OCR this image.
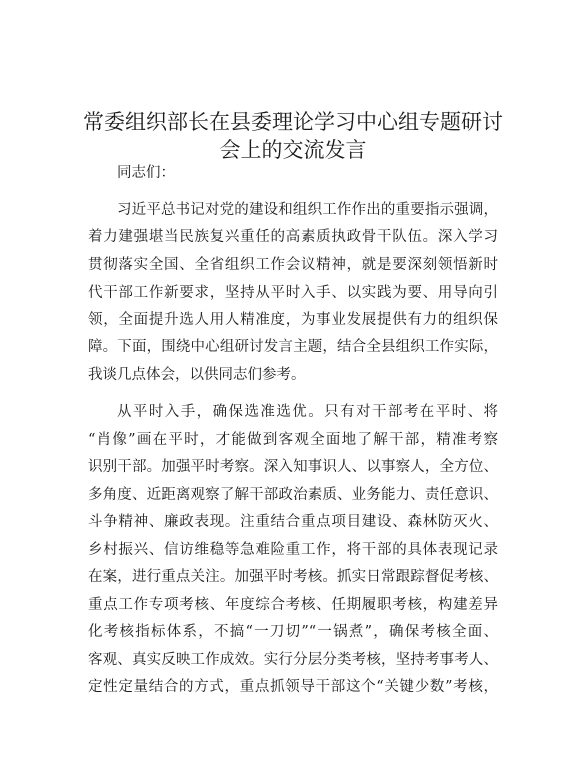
常委组织部长在县委理论学习中心组专题研讨
会上的交流发言
同志们：
习近平总书记对党的建设和组织工作作出的重要指示强调，
着力建强堪当民族复兴重任的高素质执政骨干队伍。深入学习
贯彻落实全国、全省组织工作会议精神，就是要深刻领悟新时
代干部工作新要求，坚持从平时入手、以实践为要、用导向引
领，全面提升选人用人精准度，为事业发展提供有力的组织保
障。下面，围绕中心组研讨发言主题，结合全县组织工作实际，
我谈几点体会，以供同志们参考。
从平时入手，确保选准选优。只有对干部考在平时、将
“肖像”画在平时，才能做到客观全面地了解干部，精准考察
识别干部。加强平时考察。深入知事识人、以事察人，全方位、
多角度、近距离观察了解干部政治素质、业务能力、责任意识、
斗争精神、廉政表现。注重结合重点项目建设、森林防灭火、
乡村振兴、信访维稳等急难险重工作，将干部的具体表现记录
在案，进行重点关注。加强平时考核。抓实日常跟踪督促考核、
重点工作专项考核、年度综合考核、任期履职考核，构建差异
化考核指标体系，不搞“一刀切”“一锅煮”，确保考核全面、
客观、真实反映工作成效。实行分层分类考核，坚持考事考人、
定性定量结合的方式，重点抓领导干部这个“关键少数”考核，
